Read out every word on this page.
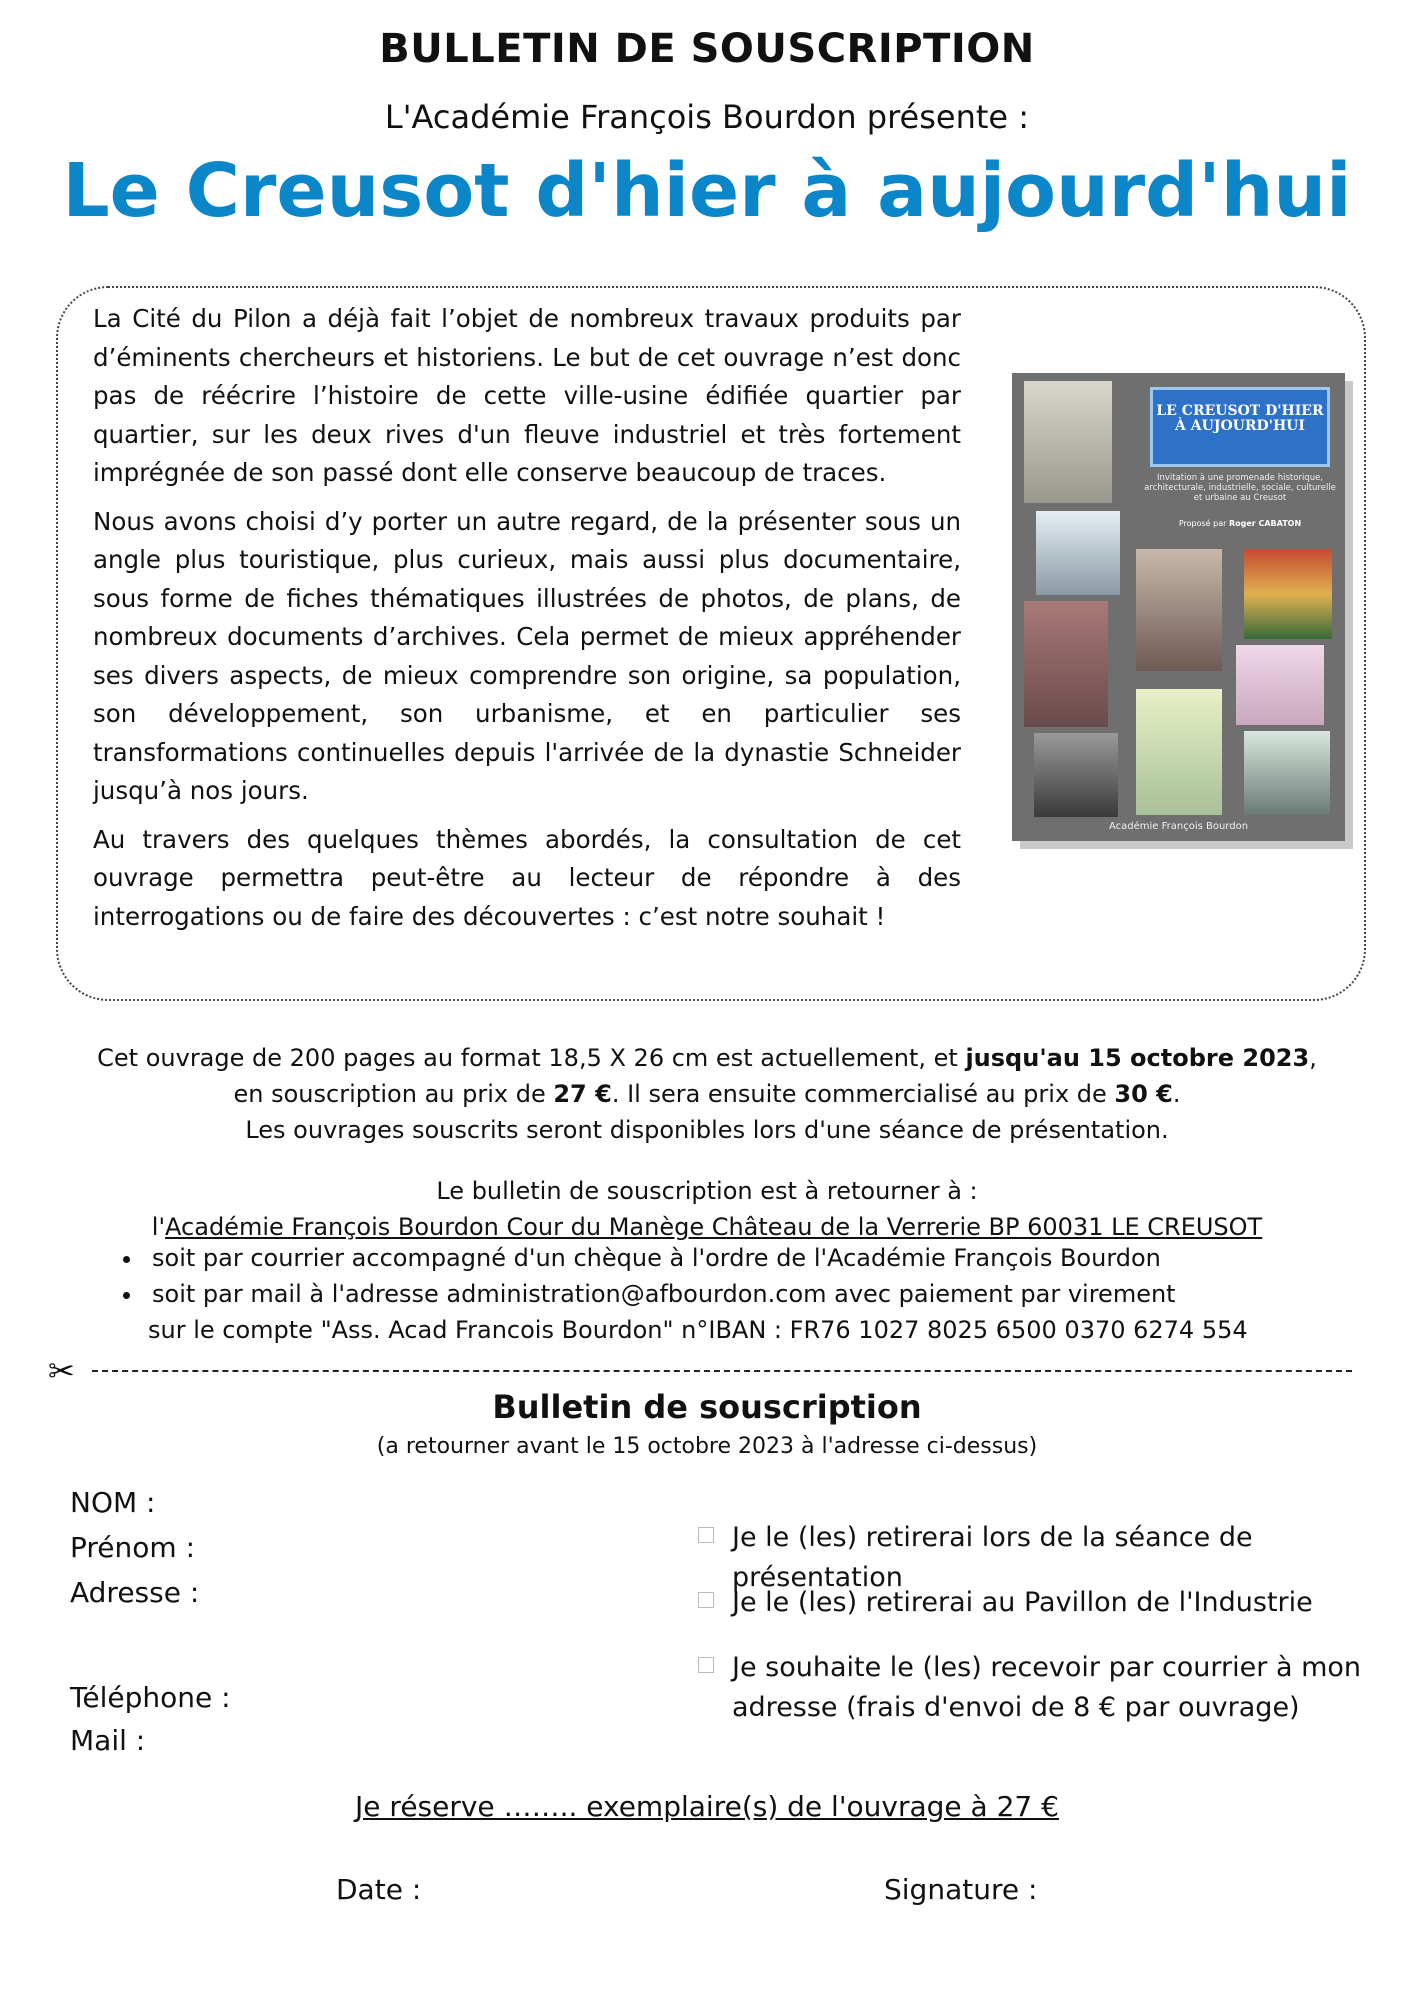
BULLETIN DE SOUSCRIPTION
L'Académie François Bourdon présente :
Le Creusot d'hier à aujourd'hui

La Cité du Pilon a déjà fait l’objet de nombreux travaux produits par d’éminents chercheurs et historiens. Le but de cet ouvrage n’est donc pas de réécrire l’histoire de cette ville-usine édifiée quartier par quartier, sur les deux rives d'un fleuve industriel et très fortement imprégnée de son passé dont elle conserve beaucoup de traces.

Nous avons choisi d’y porter un autre regard, de la présenter sous un angle plus touristique, plus curieux, mais aussi plus documentaire, sous forme de fiches thématiques illustrées de photos, de plans, de nombreux documents d’archives. Cela permet de mieux appréhender ses divers aspects, de mieux comprendre son origine, sa population, son développement, son urbanisme, et en particulier ses transformations continuelles depuis l'arrivée de la dynastie Schneider jusqu’à nos jours.

Au travers des quelques thèmes abordés, la consultation de cet ouvrage permettra peut-être au lecteur de répondre à des interrogations ou de faire des découvertes : c’est notre souhait !

LE CREUSOT D'HIER À AUJOURD'HUI
Invitation à une promenade historique, architecturale, industrielle, sociale, culturelle et urbaine au Creusot
Proposé par Roger CABATON
Académie François Bourdon
Cet ouvrage de 200 pages au format 18,5 X 26 cm est actuellement, et jusqu'au 15 octobre 2023,
en souscription au prix de 27 €. Il sera ensuite commercialisé au prix de 30 €.
Les ouvrages souscrits seront disponibles lors d'une séance de présentation.
Le bulletin de souscription est à retourner à :
l'Académie François Bourdon Cour du Manège Château de la Verrerie BP 60031 LE CREUSOT
• soit par courrier accompagné d'un chèque à l'ordre de l'Académie François Bourdon
• soit par mail à l'adresse administration@afbourdon.com avec paiement par virement
sur le compte "Ass. Acad Francois Bourdon" n°IBAN : FR76 1027 8025 6500 0370 6274 554
✂
Bulletin de souscription
(a retourner avant le 15 octobre 2023 à l'adresse ci-dessus)
NOM :
Prénom :
Adresse :
Téléphone :
Mail :
Je le (les) retirerai lors de la séance de présentation
Je le (les) retirerai au Pavillon de l'Industrie
Je souhaite le (les) recevoir par courrier à mon adresse (frais d'envoi de 8 € par ouvrage)
Je réserve …….. exemplaire(s) de l'ouvrage à 27 €
Date :	Signature :
